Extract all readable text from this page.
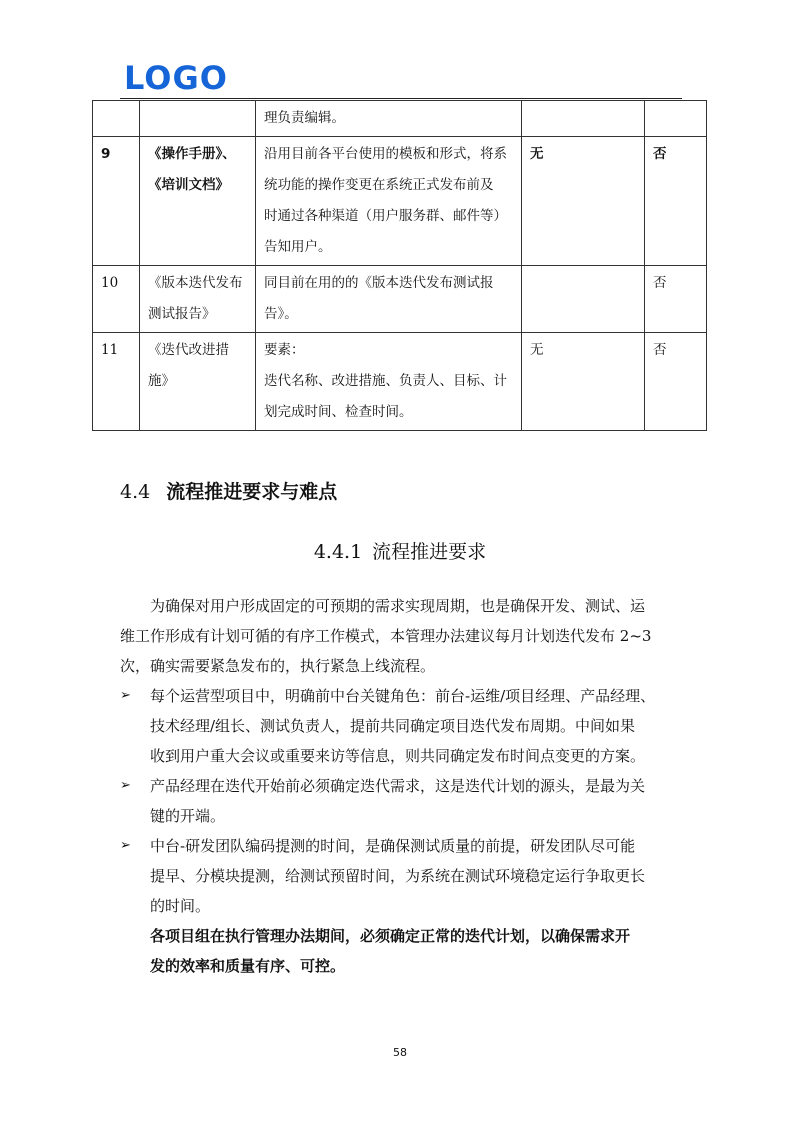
LOGO
		理负责编辑。		
9	《操作手册》、
《培训文档》	沿用目前各平台使用的模板和形式，将系
统功能的操作变更在系统正式发布前及
时通过各种渠道（用户服务群、邮件等）
告知用户。	无	否
10	《版本迭代发布
测试报告》	同目前在用的的《版本迭代发布测试报
告》。		否
11	《迭代改进措
施》	要素：
迭代名称、改进措施、负责人、目标、计
划完成时间、检查时间。	无	否
4.4 流程推进要求与难点
4.4.1 流程推进要求

为确保对用户形成固定的可预期的需求实现周期，也是确保开发、测试、运
维工作形成有计划可循的有序工作模式，本管理办法建议每月计划迭代发布 2~3
次，确实需要紧急发布的，执行紧急上线流程。

➢ 每个运营型项目中，明确前中台关键角色：前台-运维/项目经理、产品经理、
技术经理/组长、测试负责人，提前共同确定项目迭代发布周期。中间如果
收到用户重大会议或重要来访等信息，则共同确定发布时间点变更的方案。

➢ 产品经理在迭代开始前必须确定迭代需求，这是迭代计划的源头，是最为关
键的开端。

➢ 中台-研发团队编码提测的时间，是确保测试质量的前提，研发团队尽可能
提早、分模块提测，给测试预留时间，为系统在测试环境稳定运行争取更长
的时间。

各项目组在执行管理办法期间，必须确定正常的迭代计划，以确保需求开
发的效率和质量有序、可控。

58
